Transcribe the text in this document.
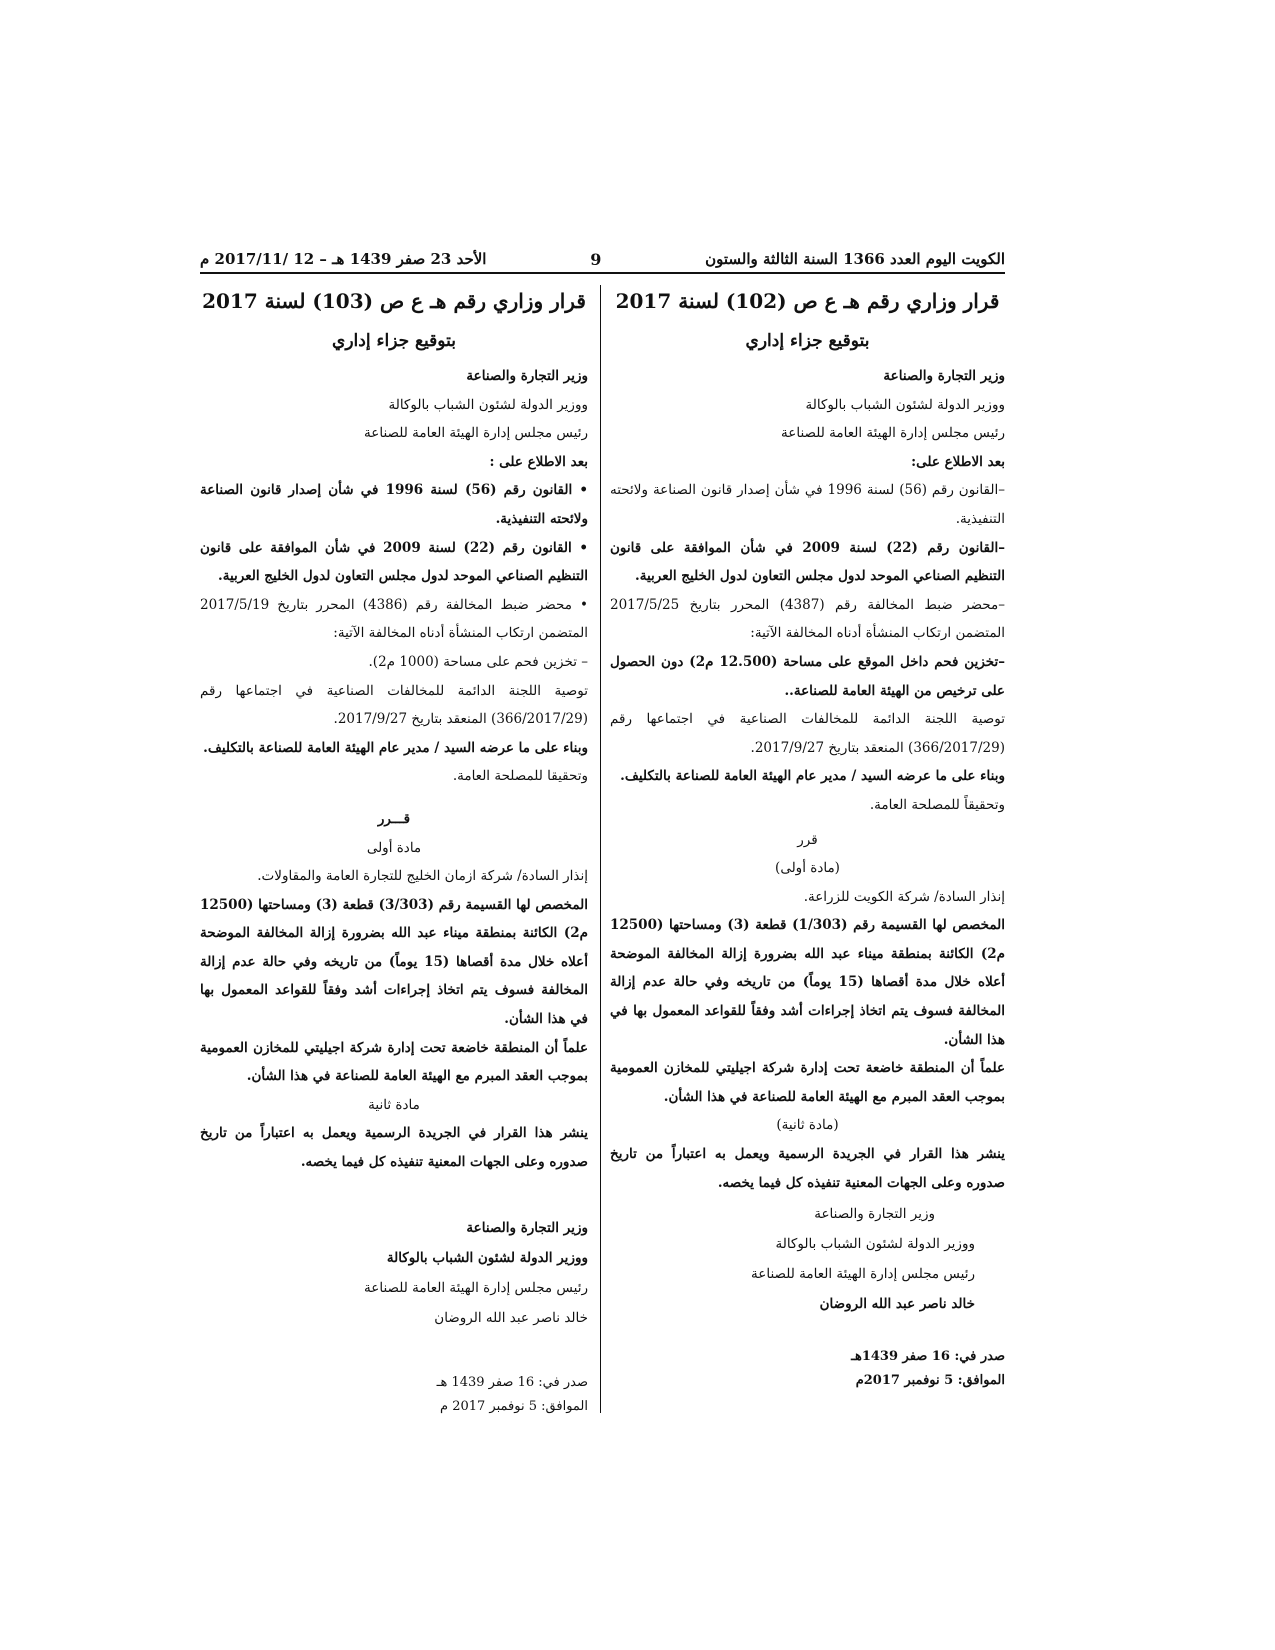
الكويت اليوم العدد 1366 السنة الثالثة والستون
9
الأحد 23 صفر 1439 هـ – 12 /2017/11 م
قرار وزاري رقم هـ ع ص (102) لسنة 2017
بتوقيع جزاء إداري

وزير التجارة والصناعة

ووزير الدولة لشئون الشباب بالوكالة

رئيس مجلس إدارة الهيئة العامة للصناعة

بعد الاطلاع على:

–القانون رقم (56) لسنة 1996 في شأن إصدار قانون الصناعة ولائحته التنفيذية.

–القانون رقم (22) لسنة 2009 في شأن الموافقة على قانون التنظيم الصناعي الموحد لدول مجلس التعاون لدول الخليج العربية.

–محضر ضبط المخالفة رقم (4387) المحرر بتاريخ 2017/5/25 المتضمن ارتكاب المنشأة أدناه المخالفة الآتية:

–تخزين فحم داخل الموقع على مساحة (12.500 م2) دون الحصول على ترخيص من الهيئة العامة للصناعة..

توصية اللجنة الدائمة للمخالفات الصناعية في اجتماعها رقم (366/2017/29) المنعقد بتاريخ 2017/9/27.

وبناء على ما عرضه السيد / مدير عام الهيئة العامة للصناعة بالتكليف.

وتحقيقاً للمصلحة العامة.

قرر

(مادة أولى)

إنذار السادة/ شركة الكويت للزراعة.

المخصص لها القسيمة رقم (1/303) قطعة (3) ومساحتها (12500 م2) الكائنة بمنطقة ميناء عبد الله بضرورة إزالة المخالفة الموضحة أعلاه خلال مدة أقصاها (15 يوماً) من تاريخه وفي حالة عدم إزالة المخالفة فسوف يتم اتخاذ إجراءات أشد وفقاً للقواعد المعمول بها في هذا الشأن.

علماً أن المنطقة خاضعة تحت إدارة شركة اجيليتي للمخازن العمومية بموجب العقد المبرم مع الهيئة العامة للصناعة في هذا الشأن.

(مادة ثانية)

ينشر هذا القرار في الجريدة الرسمية ويعمل به اعتباراً من تاريخ صدوره وعلى الجهات المعنية تنفيذه كل فيما يخصه.

وزير التجارة والصناعة

ووزير الدولة لشئون الشباب بالوكالة

رئيس مجلس إدارة الهيئة العامة للصناعة

خالد ناصر عبد الله الروضان

صدر في: 16 صفر 1439هـ

الموافق: 5 نوفمبر 2017م

قرار وزاري رقم هـ ع ص (103) لسنة 2017
بتوقيع جزاء إداري

وزير التجارة والصناعة

ووزير الدولة لشئون الشباب بالوكالة

رئيس مجلس إدارة الهيئة العامة للصناعة

بعد الاطلاع على :

• القانون رقم (56) لسنة 1996 في شأن إصدار قانون الصناعة ولائحته التنفيذية.

• القانون رقم (22) لسنة 2009 في شأن الموافقة على قانون التنظيم الصناعي الموحد لدول مجلس التعاون لدول الخليج العربية.

• محضر ضبط المخالفة رقم (4386) المحرر بتاريخ 2017/5/19 المتضمن ارتكاب المنشأة أدناه المخالفة الآتية:

– تخزين فحم على مساحة (1000 م2).

توصية اللجنة الدائمة للمخالفات الصناعية في اجتماعها رقم (366/2017/29) المنعقد بتاريخ 2017/9/27.

وبناء على ما عرضه السيد / مدير عام الهيئة العامة للصناعة بالتكليف.

وتحقيقا للمصلحة العامة.

قـــرر

مادة أولى

إنذار السادة/ شركة ازمان الخليج للتجارة العامة والمقاولات.

المخصص لها القسيمة رقم (3/303) قطعة (3) ومساحتها (12500 م2) الكائنة بمنطقة ميناء عبد الله بضرورة إزالة المخالفة الموضحة أعلاه خلال مدة أقصاها (15 يوماً) من تاريخه وفي حالة عدم إزالة المخالفة فسوف يتم اتخاذ إجراءات أشد وفقاً للقواعد المعمول بها في هذا الشأن.

علماً أن المنطقة خاضعة تحت إدارة شركة اجيليتي للمخازن العمومية بموجب العقد المبرم مع الهيئة العامة للصناعة في هذا الشأن.

مادة ثانية

ينشر هذا القرار في الجريدة الرسمية ويعمل به اعتباراً من تاريخ صدوره وعلى الجهات المعنية تنفيذه كل فيما يخصه.

وزير التجارة والصناعة

ووزير الدولة لشئون الشباب بالوكالة

رئيس مجلس إدارة الهيئة العامة للصناعة

خالد ناصر عبد الله الروضان

صدر في: 16 صفر 1439 هـ

الموافق: 5 نوفمبر 2017 م
